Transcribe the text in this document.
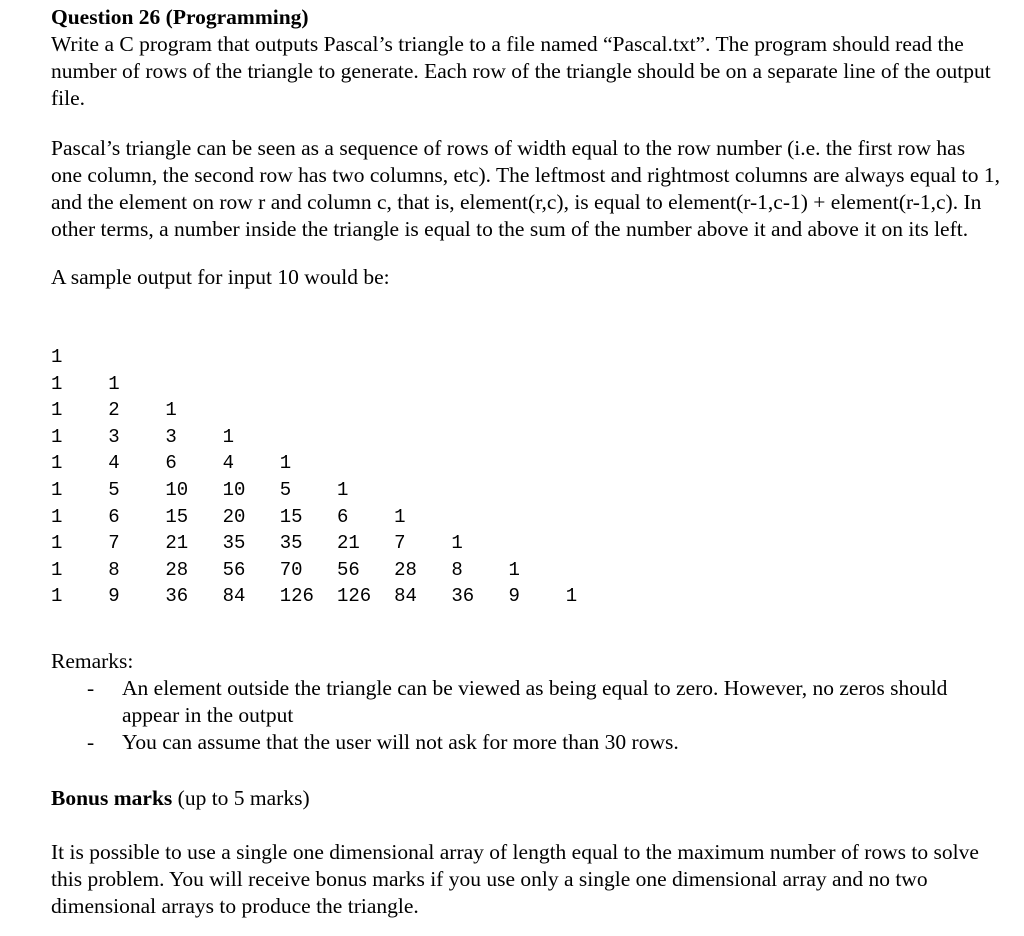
Question 26 (Programming)

Write a C program that outputs Pascal’s triangle to a file named “Pascal.txt”. The program should read the number of rows of the triangle to generate. Each row of the triangle should be on a separate line of the output file.

Pascal’s triangle can be seen as a sequence of rows of width equal to the row number (i.e. the first row has one column, the second row has two columns, etc). The leftmost and rightmost columns are always equal to 1, and the element on row r and column c, that is, element(r,c), is equal to element(r-1,c-1) + element(r-1,c). In other terms, a number inside the triangle is equal to the sum of the number above it and above it on its left.

A sample output for input 10 would be:

1
1 1
1 2 1
1 3 3 1
1 4 6 4 1
1 5 10 10 5 1
1 6 15 20 15 6 1
1 7 21 35 35 21 7 1
1 8 28 56 70 56 28 8 1
1 9 36 84 126 126 84 36 9 1
Remarks:
- An element outside the triangle can be viewed as being equal to zero. However, no zeros should appear in the output
- You can assume that the user will not ask for more than 30 rows.
Bonus marks (up to 5 marks)

It is possible to use a single one dimensional array of length equal to the maximum number of rows to solve this problem. You will receive bonus marks if you use only a single one dimensional array and no two dimensional arrays to produce the triangle.
